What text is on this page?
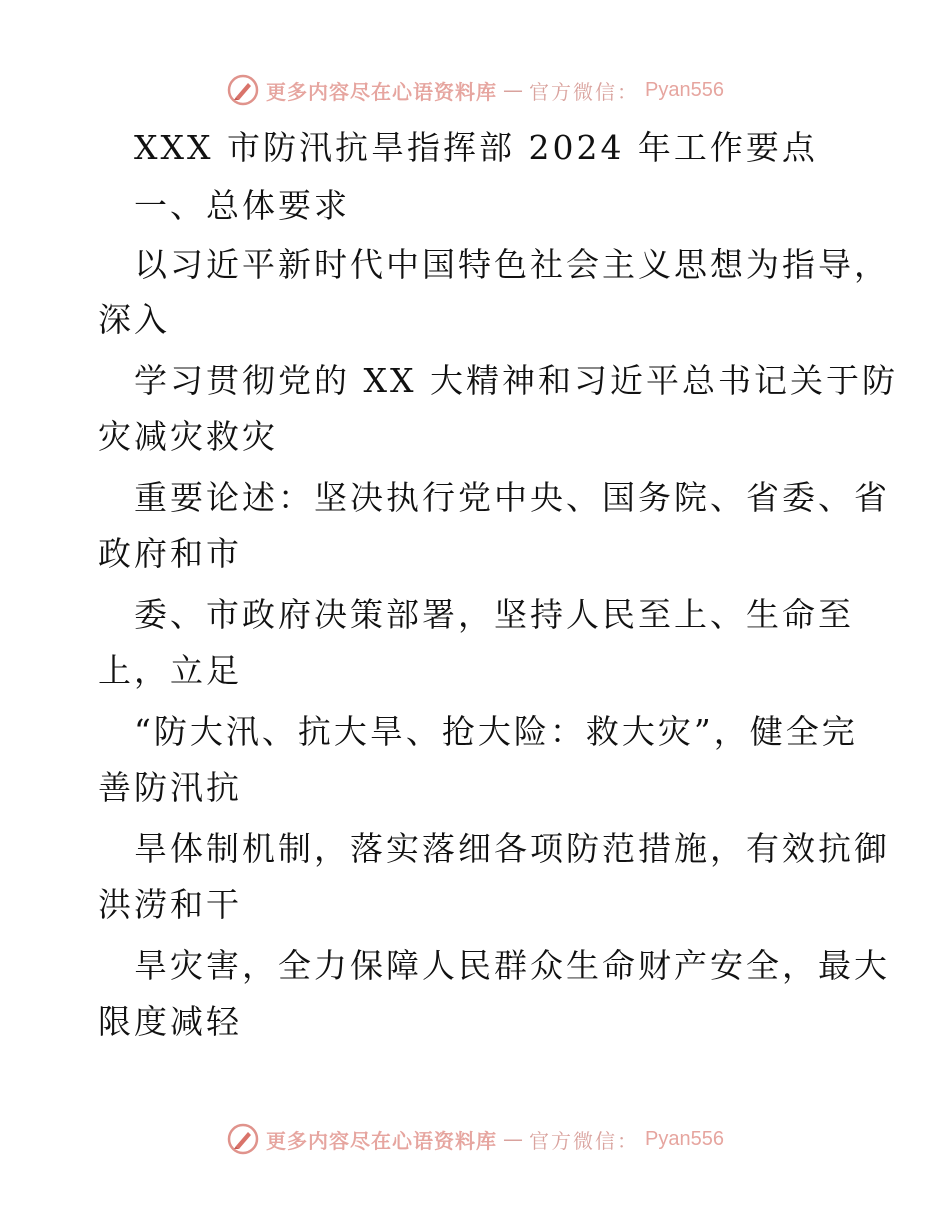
更多内容尽在心语资料库 — 官方微信： Pyan556
XXX 市防汛抗旱指挥部 2024 年工作要点
一、总体要求
以习近平新时代中国特色社会主义思想为指导，
深入
学习贯彻党的 XX 大精神和习近平总书记关于防
灾减灾救灾
重要论述：坚决执行党中央、国务院、省委、省
政府和市
委、市政府决策部署，坚持人民至上、生命至
上，立足
“防大汛、抗大旱、抢大险：救大灾”，健全完
善防汛抗
旱体制机制，落实落细各项防范措施，有效抗御
洪涝和干
旱灾害，全力保障人民群众生命财产安全，最大
限度减轻
更多内容尽在心语资料库 — 官方微信： Pyan556
